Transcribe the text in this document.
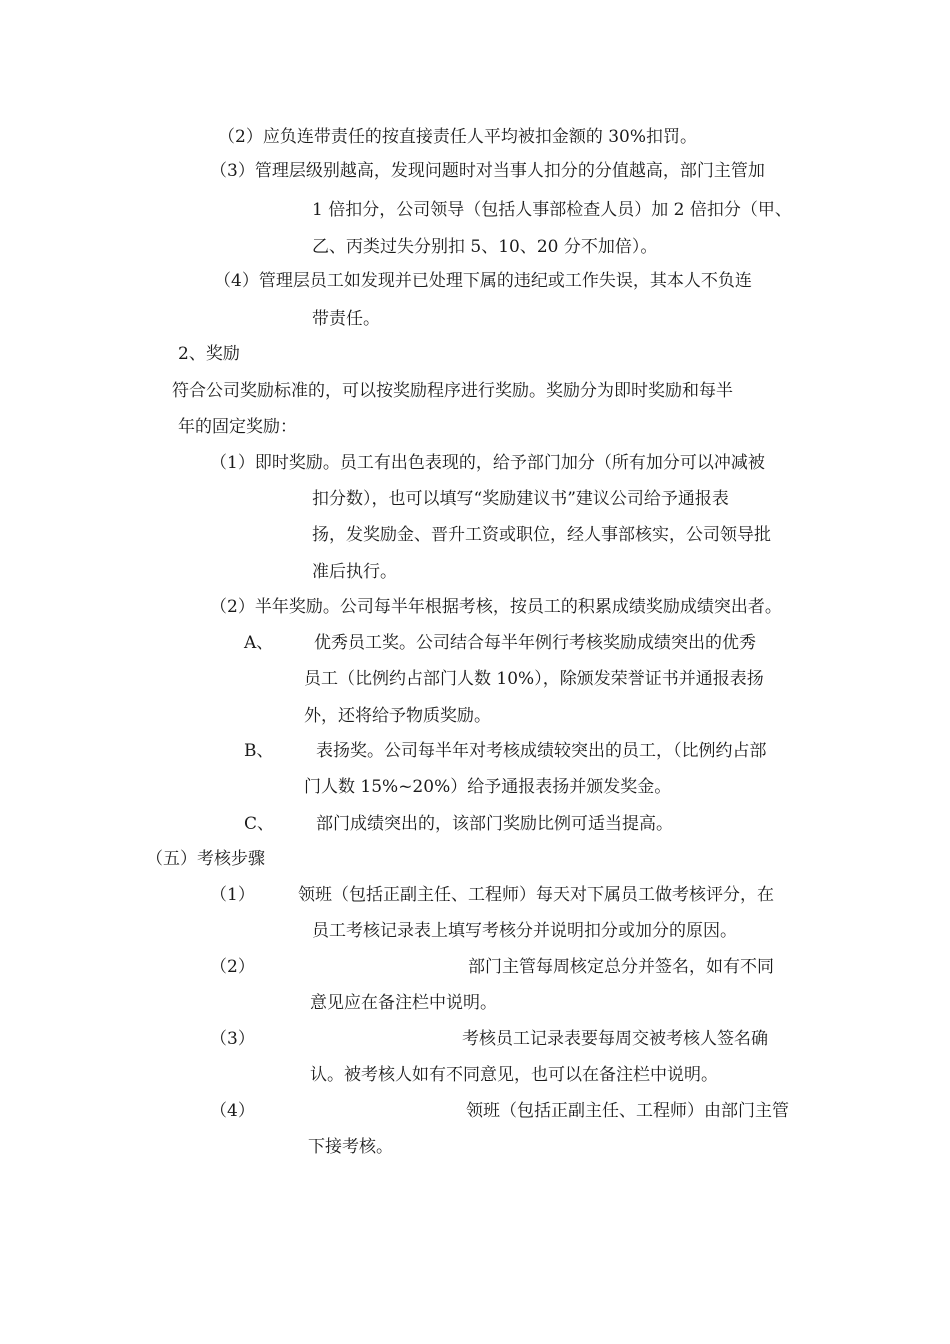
（2）应负连带责任的按直接责任人平均被扣金额的 30%扣罚。
（3）管理层级别越高，发现问题时对当事人扣分的分值越高，部门主管加
1 倍扣分，公司领导（包括人事部检查人员）加 2 倍扣分（甲、
乙、丙类过失分别扣 5、10、20 分不加倍）。
（4）管理层员工如发现并已处理下属的违纪或工作失误，其本人不负连
带责任。
2、奖励
符合公司奖励标准的，可以按奖励程序进行奖励。奖励分为即时奖励和每半
年的固定奖励：
（1）即时奖励。员工有出色表现的，给予部门加分（所有加分可以冲减被
扣分数），也可以填写“奖励建议书”建议公司给予通报表
扬，发奖励金、晋升工资或职位，经人事部核实，公司领导批
准后执行。
（2）半年奖励。公司每半年根据考核，按员工的积累成绩奖励成绩突出者。
A、 优秀员工奖。公司结合每半年例行考核奖励成绩突出的优秀
员工（比例约占部门人数 10%），除颁发荣誉证书并通报表扬
外，还将给予物质奖励。
B、	表扬奖。公司每半年对考核成绩较突出的员工，（比例约占部
门人数 15%~20%）给予通报表扬并颁发奖金。
C、 部门成绩突出的，该部门奖励比例可适当提高。
（五）考核步骤
（1）	领班（包括正副主任、工程师）每天对下属员工做考核评分，在
员工考核记录表上填写考核分并说明扣分或加分的原因。
（2）	部门主管每周核定总分并签名，如有不同
意见应在备注栏中说明。
（3）	考核员工记录表要每周交被考核人签名确
认。被考核人如有不同意见，也可以在备注栏中说明。
（4）	领班（包括正副主任、工程师）由部门主管
下接考核。
